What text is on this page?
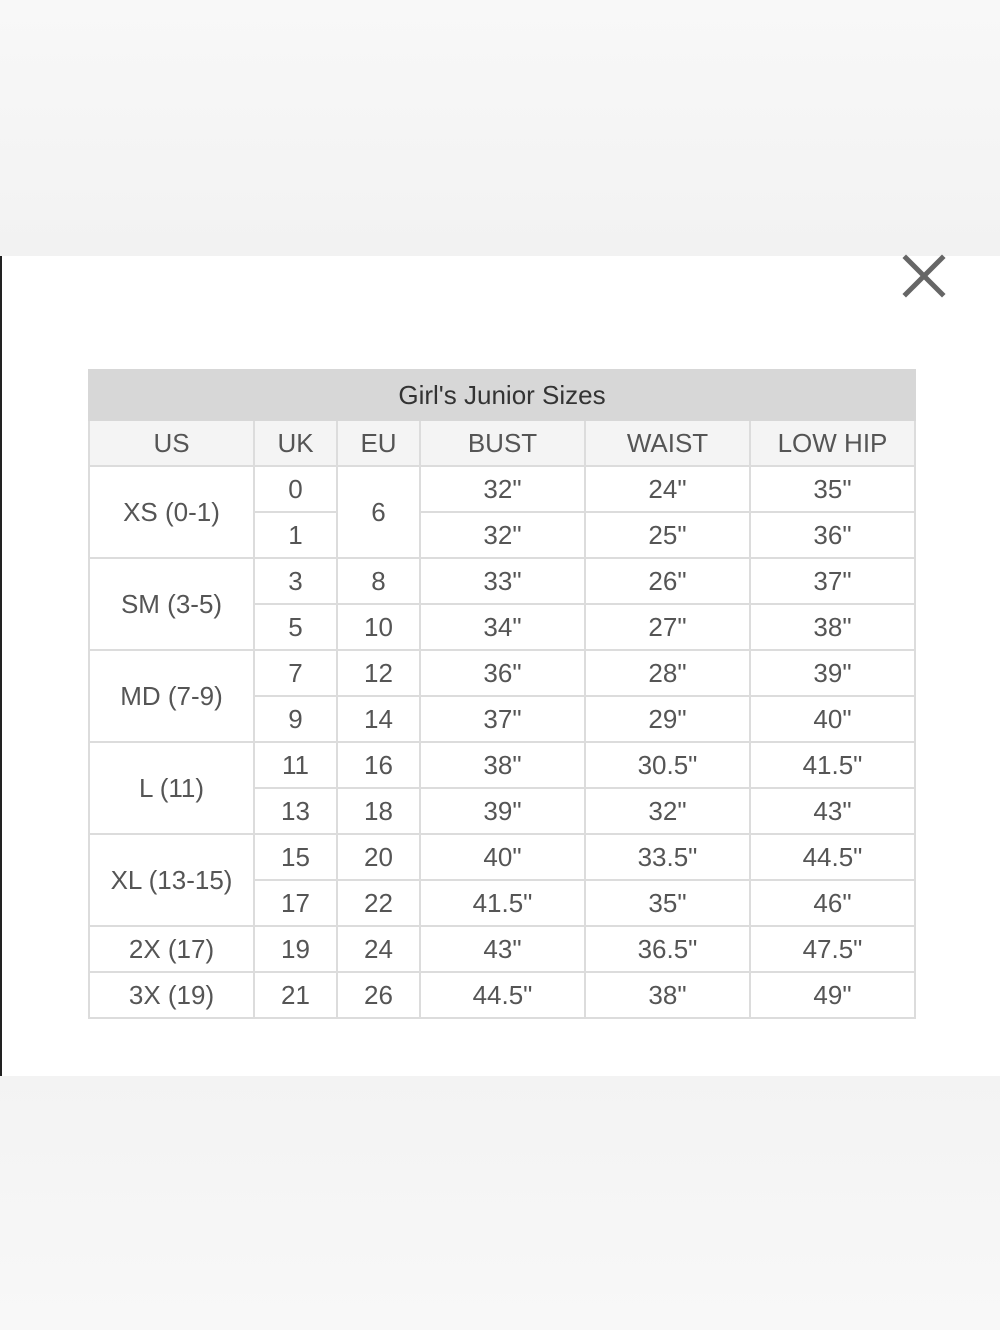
Girl's Junior Sizes					
US	UK	EU	BUST	WAIST	LOW HIP
XS (0-1)	0	6	32"	24"	35"
	1		32"	25"	36"
SM (3-5)	3	8	33"	26"	37"
	5	10	34"	27"	38"
MD (7-9)	7	12	36"	28"	39"
	9	14	37"	29"	40"
L (11)	11	16	38"	30.5"	41.5"
	13	18	39"	32"	43"
XL (13-15)	15	20	40"	33.5"	44.5"
	17	22	41.5"	35"	46"
2X (17)	19	24	43"	36.5"	47.5"
3X (19)	21	26	44.5"	38"	49"
